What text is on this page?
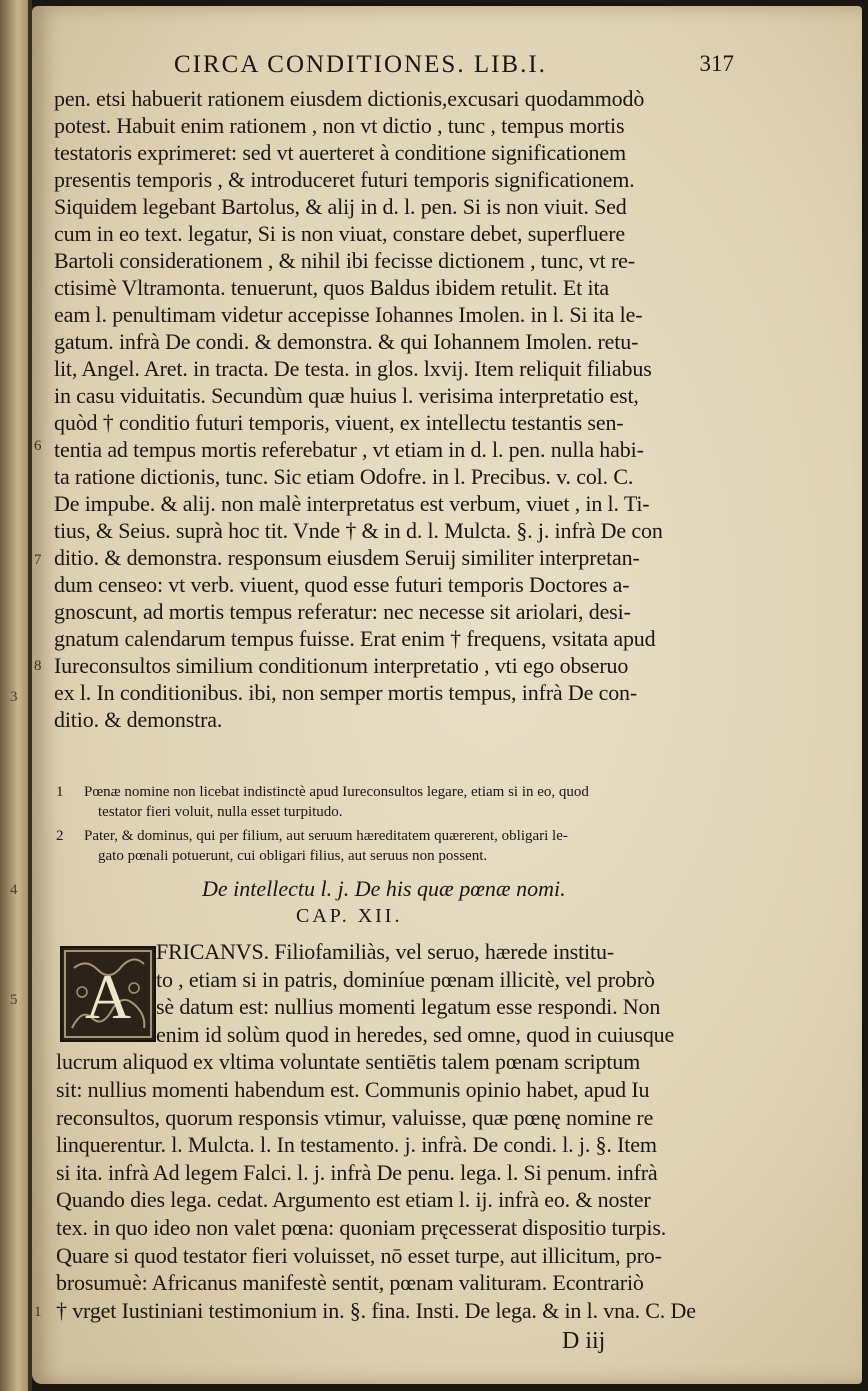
CIRCA CONDITIONES. LIB.I.	317
pen. etsi habuerit rationem eiusdem dictionis,excusari quodammodò
potest. Habuit enim rationem , non vt dictio , tunc , tempus mortis
testatoris exprimeret: sed vt auerteret à conditione significationem
presentis temporis , & introduceret futuri temporis significationem.
Siquidem legebant Bartolus, & alij in d. l. pen. Si is non viuit. Sed
cum in eo text. legatur, Si is non viuat, constare debet, superfluere
Bartoli considerationem , & nihil ibi fecisse dictionem , tunc, vt re-
ctisimè Vltramonta. tenuerunt, quos Baldus ibidem retulit. Et ita
eam l. penultimam videtur accepisse Iohannes Imolen. in l. Si ita le-
gatum. infrà De condi. & demonstra. & qui Iohannem Imolen. retu-
lit, Angel. Aret. in tracta. De testa. in glos. lxvij. Item reliquit filiabus
in casu viduitatis. Secundùm quæ huius l. verisima interpretatio est,
quòd † conditio futuri temporis, viuent, ex intellectu testantis sen-
tentia ad tempus mortis referebatur , vt etiam in d. l. pen. nulla habi-
ta ratione dictionis, tunc. Sic etiam Odofre. in l. Precibus. v. col. C.
De impube. & alij. non malè interpretatus est verbum, viuet , in l. Ti-
tius, & Seius. suprà hoc tit. Vnde † & in d. l. Mulcta. §. j. infrà De con
ditio. & demonstra. responsum eiusdem Seruij similiter interpretan-
dum censeo: vt verb. viuent, quod esse futuri temporis Doctores a-
gnoscunt, ad mortis tempus referatur: nec necesse sit ariolari, desi-
gnatum calendarum tempus fuisse. Erat enim † frequens, vsitata apud
Iureconsultos similium conditionum interpretatio , vti ego obseruo
ex l. In conditionibus. ibi, non semper mortis tempus, infrà De con-
ditio. & demonstra.
6
7
8
3
4
5
1
1 Pœnæ nomine non licebat indistinctè apud Iureconsultos legare, etiam si in eo, quod
testator fieri voluit, nulla esset turpitudo.
2 Pater, & dominus, qui per filium, aut seruum hæreditatem quærerent, obligari le-
gato pœnali potuerunt, cui obligari filius, aut seruus non possent.
De intellectu l. j. De his quæ pœnæ nomi.
CAP. XII.
A
FRICANVS. Filiofamiliàs, vel seruo, hærede institu-
to , etiam si in patris, dominíue pœnam illicitè, vel probrò
sè datum est: nullius momenti legatum esse respondi. Non
enim id solùm quod in heredes, sed omne, quod in cuiusque
lucrum aliquod ex vltima voluntate sentiētis talem pœnam scriptum
sit: nullius momenti habendum est. Communis opinio habet, apud Iu
reconsultos, quorum responsis vtimur, valuisse, quæ pœnę nomine re
linquerentur. l. Mulcta. l. In testamento. j. infrà. De condi. l. j. §. Item
si ita. infrà Ad legem Falci. l. j. infrà De penu. lega. l. Si penum. infrà
Quando dies lega. cedat. Argumento est etiam l. ij. infrà eo. & noster
tex. in quo ideo non valet pœna: quoniam pręcesserat dispositio turpis.
Quare si quod testator fieri voluisset, nō esset turpe, aut illicitum, pro-
brosumuè: Africanus manifestè sentit, pœnam valituram. Econtrariò
† vrget Iustiniani testimonium in. §. fina. Insti. De lega. & in l. vna. C. De
D iij
